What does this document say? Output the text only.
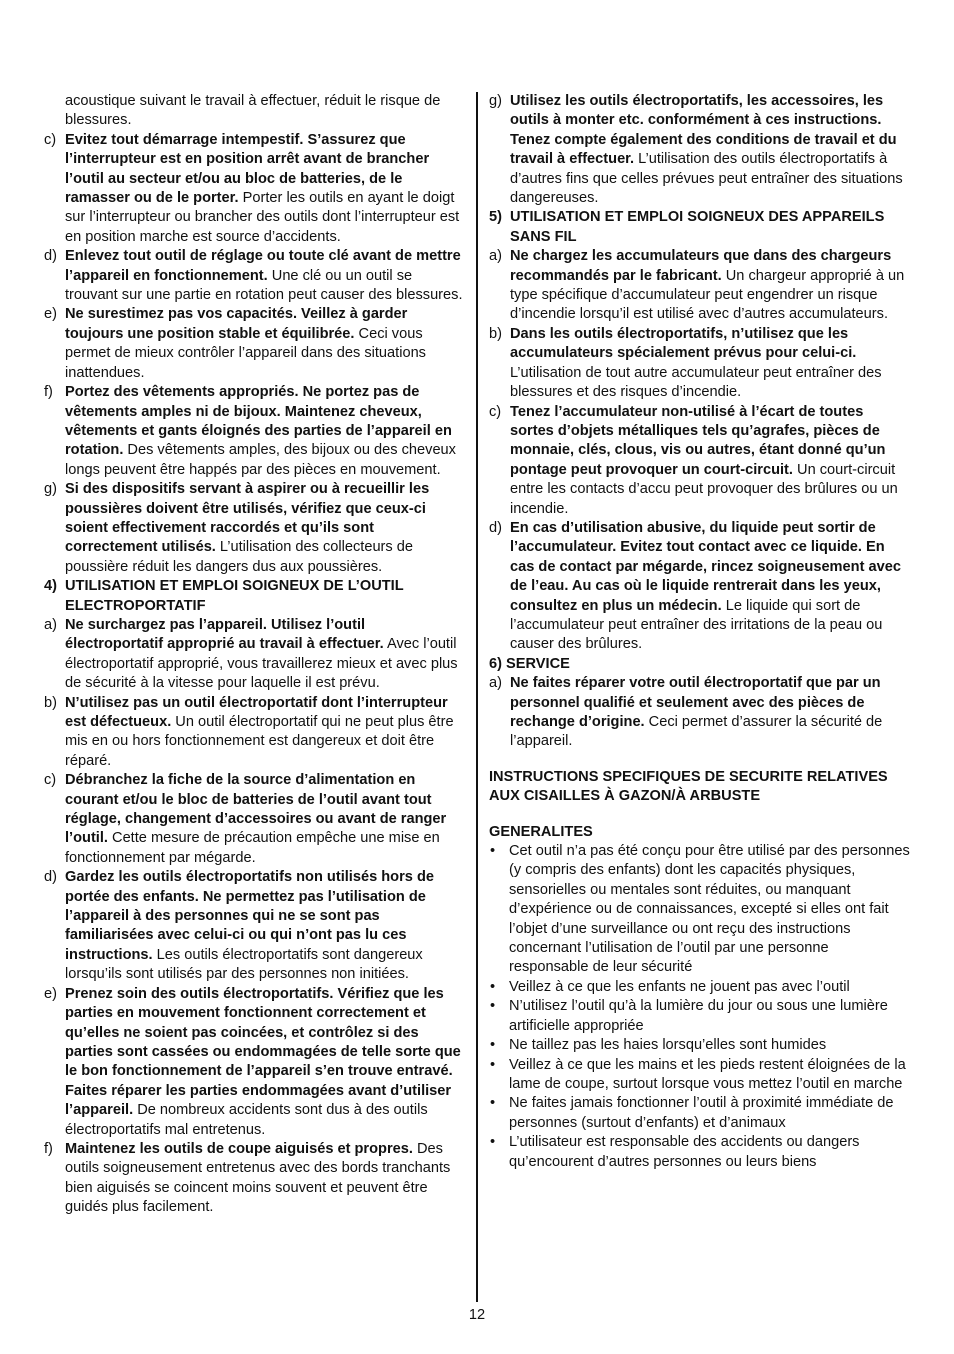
acoustique suivant le travail à effectuer, réduit le risque de blessures.

c) Evitez tout démarrage intempestif. S’assurez que l’interrupteur est en position arrêt avant de brancher l’outil au secteur et/ou au bloc de batteries, de le ramasser ou de le porter. Porter les outils en ayant le doigt sur l’interrupteur ou brancher des outils dont l’interrupteur est en position marche est source d’accidents.

d) Enlevez tout outil de réglage ou toute clé avant de mettre l’appareil en fonctionnement. Une clé ou un outil se trouvant sur une partie en rotation peut causer des blessures.

e) Ne surestimez pas vos capacités. Veillez à garder toujours une position stable et équilibrée. Ceci vous permet de mieux contrôler l’appareil dans des situations inattendues.

f) Portez des vêtements appropriés. Ne portez pas de vêtements amples ni de bijoux. Maintenez cheveux, vêtements et gants éloignés des parties de l’appareil en rotation. Des vêtements amples, des bijoux ou des cheveux longs peuvent être happés par des pièces en mouvement.

g) Si des dispositifs servant à aspirer ou à recueillir les poussières doivent être utilisés, vérifiez que ceux-ci soient effectivement raccordés et qu’ils sont correctement utilisés. L’utilisation des collecteurs de poussière réduit les dangers dus aux poussières.

4) UTILISATION ET EMPLOI SOIGNEUX DE L’OUTIL ELECTROPORTATIF

a) Ne surchargez pas l’appareil. Utilisez l’outil électroportatif approprié au travail à effectuer. Avec l’outil électroportatif approprié, vous travaillerez mieux et avec plus de sécurité à la vitesse pour laquelle il est prévu.

b) N’utilisez pas un outil électroportatif dont l’interrupteur est défectueux. Un outil électroportatif qui ne peut plus être mis en ou hors fonctionnement est dangereux et doit être réparé.

c) Débranchez la fiche de la source d’alimentation en courant et/ou le bloc de batteries de l’outil avant tout réglage, changement d’accessoires ou avant de ranger l’outil. Cette mesure de précaution empêche une mise en fonctionnement par mégarde.

d) Gardez les outils électroportatifs non utilisés hors de portée des enfants. Ne permettez pas l’utilisation de l’appareil à des personnes qui ne se sont pas familiarisées avec celui-ci ou qui n’ont pas lu ces instructions. Les outils électroportatifs sont dangereux lorsqu’ils sont utilisés par des personnes non initiées.

e) Prenez soin des outils électroportatifs. Vérifiez que les parties en mouvement fonctionnent correctement et qu’elles ne soient pas coincées, et contrôlez si des parties sont cassées ou endommagées de telle sorte que le bon fonctionnement de l’appareil s’en trouve entravé. Faites réparer les parties endommagées avant d’utiliser l’appareil. De nombreux accidents sont dus à des outils électroportatifs mal entretenus.

f) Maintenez les outils de coupe aiguisés et propres. Des outils soigneusement entretenus avec des bords tranchants bien aiguisés se coincent moins souvent et peuvent être guidés plus facilement.

g) Utilisez les outils électroportatifs, les accessoires, les outils à monter etc. conformément à ces instructions. Tenez compte également des conditions de travail et du travail à effectuer. L’utilisation des outils électroportatifs à d’autres fins que celles prévues peut entraîner des situations dangereuses.

5) UTILISATION ET EMPLOI SOIGNEUX DES APPAREILS SANS FIL

a) Ne chargez les accumulateurs que dans des chargeurs recommandés par le fabricant. Un chargeur approprié à un type spécifique d’accumulateur peut engendrer un risque d’incendie lorsqu’il est utilisé avec d’autres accumulateurs.

b) Dans les outils électroportatifs, n’utilisez que les accumulateurs spécialement prévus pour celui-ci. L’utilisation de tout autre accumulateur peut entraîner des blessures et des risques d’incendie.

c) Tenez l’accumulateur non-utilisé à l’écart de toutes sortes d’objets métalliques tels qu’agrafes, pièces de monnaie, clés, clous, vis ou autres, étant donné qu’un pontage peut provoquer un court-circuit. Un court-circuit entre les contacts d’accu peut provoquer des brûlures ou un incendie.

d) En cas d’utilisation abusive, du liquide peut sortir de l’accumulateur. Evitez tout contact avec ce liquide. En cas de contact par mégarde, rincez soigneusement avec de l’eau. Au cas où le liquide rentrerait dans les yeux, consultez en plus un médecin. Le liquide qui sort de l’accumulateur peut entraîner des irritations de la peau ou causer des brûlures.

6) SERVICE

a) Ne faites réparer votre outil électroportatif que par un personnel qualifié et seulement avec des pièces de rechange d’origine. Ceci permet d’assurer la sécurité de l’appareil.

INSTRUCTIONS SPECIFIQUES DE SECURITE RELATIVES AUX CISAILLES À GAZON/À ARBUSTE

GENERALITES

• Cet outil n’a pas été conçu pour être utilisé par des personnes (y compris des enfants) dont les capacités physiques, sensorielles ou mentales sont réduites, ou manquant d’expérience ou de connaissances, excepté si elles ont fait l’objet d’une surveillance ou ont reçu des instructions concernant l’utilisation de l’outil par une personne responsable de leur sécurité

• Veillez à ce que les enfants ne jouent pas avec l’outil

• N’utilisez l’outil qu’à la lumière du jour ou sous une lumière artificielle appropriée

• Ne taillez pas les haies lorsqu’elles sont humides

• Veillez à ce que les mains et les pieds restent éloignées de la lame de coupe, surtout lorsque vous mettez l’outil en marche

• Ne faites jamais fonctionner l’outil à proximité immédiate de personnes (surtout d’enfants) et d’animaux

• L’utilisateur est responsable des accidents ou dangers qu’encourent d’autres personnes ou leurs biens

12
